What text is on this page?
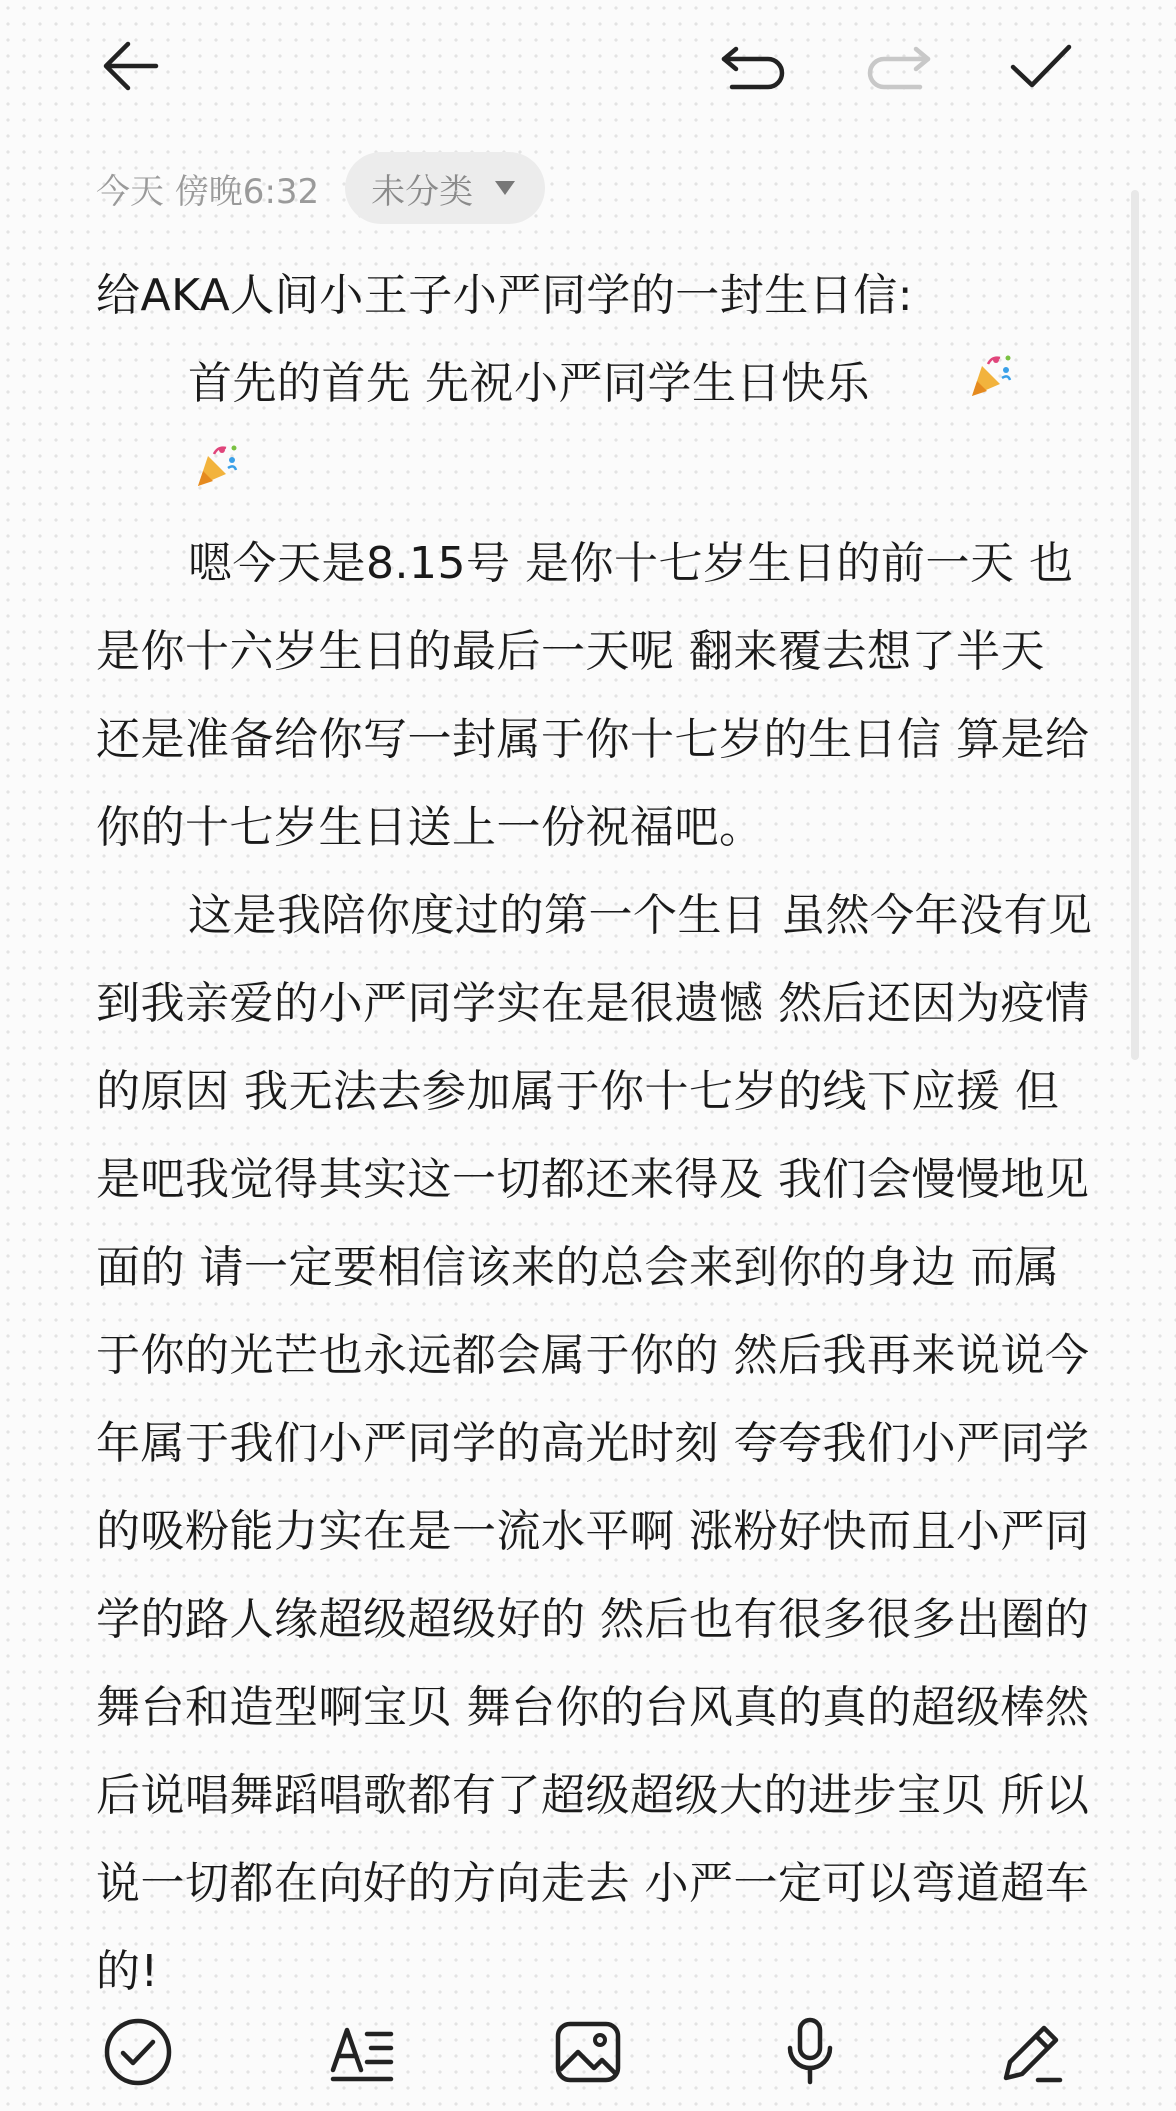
今天 傍晚6:32 未分类

给AKA人间小王子小严同学的一封生日信:

首先的首先 先祝小严同学生日快乐

嗯今天是8.15号 是你十七岁生日的前一天 也是你十六岁生日的最后一天呢 翻来覆去想了半天 还是准备给你写一封属于你十七岁的生日信 算是给你的十七岁生日送上一份祝福吧。

这是我陪你度过的第一个生日 虽然今年没有见到我亲爱的小严同学实在是很遗憾 然后还因为疫情的原因 我无法去参加属于你十七岁的线下应援 但是吧我觉得其实这一切都还来得及 我们会慢慢地见面的 请一定要相信该来的总会来到你的身边 而属于你的光芒也永远都会属于你的 然后我再来说说今年属于我们小严同学的高光时刻 夸夸我们小严同学的吸粉能力实在是一流水平啊 涨粉好快而且小严同学的路人缘超级超级好的 然后也有很多很多出圈的舞台和造型啊宝贝 舞台你的台风真的真的超级棒然后说唱舞蹈唱歌都有了超级超级大的进步宝贝 所以说一切都在向好的方向走去 小严一定可以弯道超车的!
